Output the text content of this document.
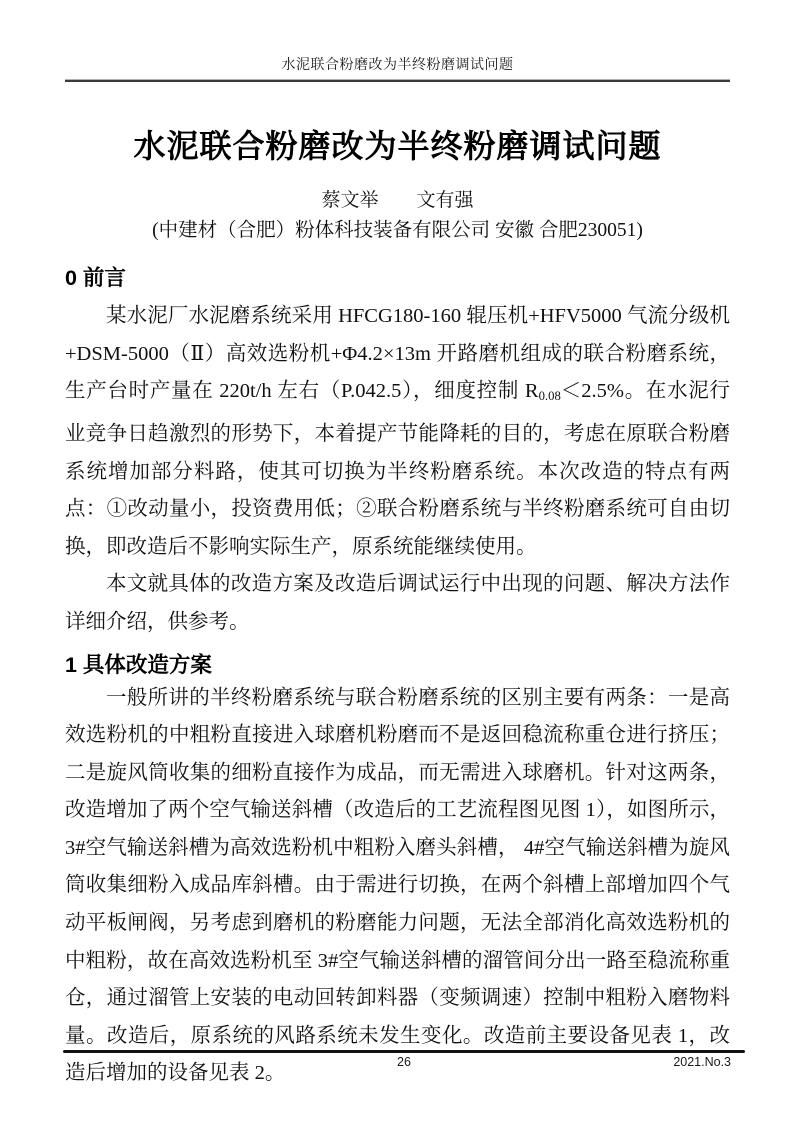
水泥联合粉磨改为半终粉磨调试问题
水泥联合粉磨改为半终粉磨调试问题
蔡文举　　文有强
(中建材（合肥）粉体科技装备有限公司 安徽 合肥230051)
0 前言

某水泥厂水泥磨系统采用 HFCG180-160 辊压机+HFV5000 气流分级机+DSM-5000（Ⅱ）高效选粉机+Φ4.2×13m 开路磨机组成的联合粉磨系统，生产台时产量在 220t/h 左右（P.042.5），细度控制 $R_{0.08}<2.5\%$。在水泥行业竞争日趋激烈的形势下，本着提产节能降耗的目的，考虑在原联合粉磨系统增加部分料路，使其可切换为半终粉磨系统。本次改造的特点有两点：①改动量小，投资费用低；②联合粉磨系统与半终粉磨系统可自由切换，即改造后不影响实际生产，原系统能继续使用。

本文就具体的改造方案及改造后调试运行中出现的问题、解决方法作详细介绍，供参考。

1 具体改造方案

一般所讲的半终粉磨系统与联合粉磨系统的区别主要有两条：一是高效选粉机的中粗粉直接进入球磨机粉磨而不是返回稳流称重仓进行挤压；二是旋风筒收集的细粉直接作为成品，而无需进入球磨机。针对这两条，改造增加了两个空气输送斜槽（改造后的工艺流程图见图 1），如图所示，3#空气输送斜槽为高效选粉机中粗粉入磨头斜槽， 4#空气输送斜槽为旋风筒收集细粉入成品库斜槽。由于需进行切换，在两个斜槽上部增加四个气动平板闸阀，另考虑到磨机的粉磨能力问题，无法全部消化高效选粉机的中粗粉，故在高效选粉机至 3#空气输送斜槽的溜管间分出一路至稳流称重仓，通过溜管上安装的电动回转卸料器（变频调速）控制中粗粉入磨物料量。改造后，原系统的风路系统未发生变化。改造前主要设备见表 1，改造后增加的设备见表 2。

26	2021.No.3
